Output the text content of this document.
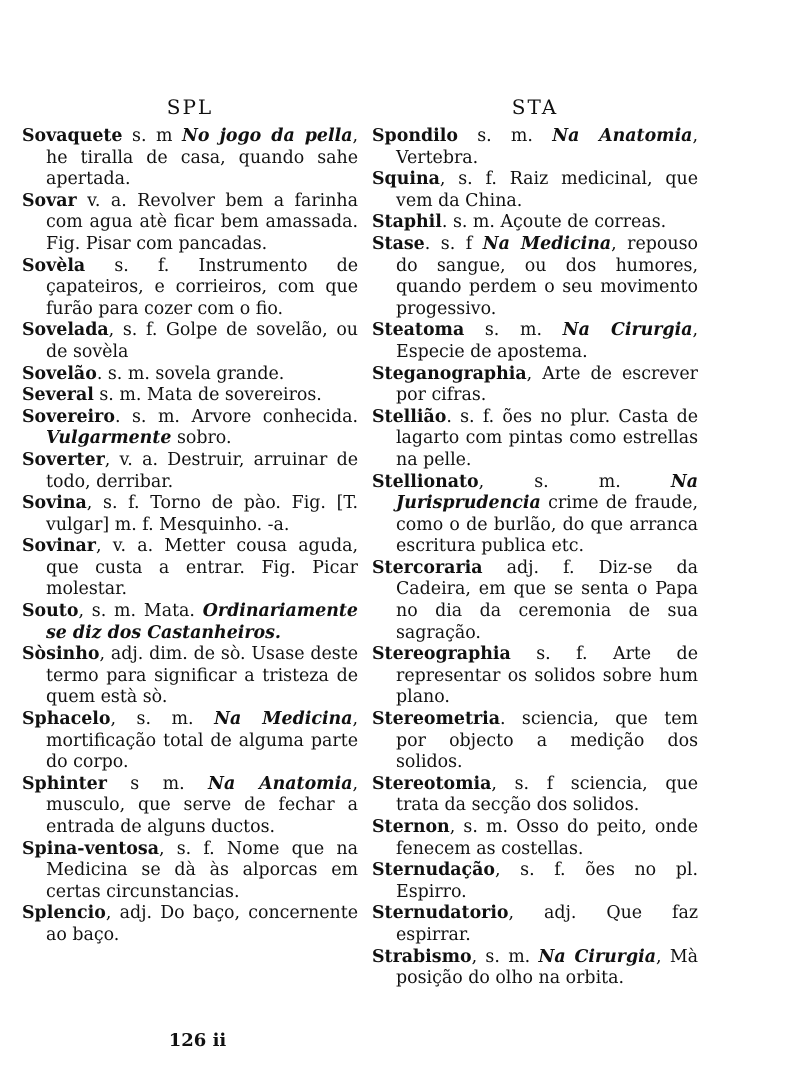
SPL
Sovaquete s. m No jogo da pella, he tiralla de casa, quando sahe apertada.
Sovar v. a. Revolver bem a farinha com agua atè ficar bem amassada. Fig. Pisar com pancadas.
Sovèla s. f. Instrumento de çapateiros, e corrieiros, com que furão para cozer com o fio.
Sovelada, s. f. Golpe de sovelão, ou de sovèla
Sovelão. s. m. sovela grande.
Several s. m. Mata de sovereiros.
Sovereiro. s. m. Arvore conhecida. Vulgarmente sobro.
Soverter, v. a. Destruir, arruinar de todo, derribar.
Sovina, s. f. Torno de pào. Fig. [T. vulgar] m. f. Mesquinho. -a.
Sovinar, v. a. Metter cousa aguda, que custa a entrar. Fig. Picar molestar.
Souto, s. m. Mata. Ordinariamente se diz dos Castanheiros.
Sòsinho, adj. dim. de sò. Usase deste termo para significar a tristeza de quem està sò.
Sphacelo, s. m. Na Medicina, mortificação total de alguma parte do corpo.
Sphinter s m. Na Anatomia, musculo, que serve de fechar a entrada de alguns ductos.
Spina-ventosa, s. f. Nome que na Medicina se dà às alporcas em certas circunstancias.
Splencio, adj. Do baço, concernente ao baço.
STA
Spondilo s. m. Na Anatomia, Vertebra.
Squina, s. f. Raiz medicinal, que vem da China.
Staphil. s. m. Açoute de correas.
Stase. s. f Na Medicina, repouso do sangue, ou dos humores, quando perdem o seu movimento progessivo.
Steatoma s. m. Na Cirurgia, Especie de apostema.
Steganographia, Arte de escrever por cifras.
Stellião. s. f. ões no plur. Casta de lagarto com pintas como estrellas na pelle.
Stellionato, s. m. Na Jurisprudencia crime de fraude, como o de burlão, do que arranca escritura publica etc.
Stercoraria adj. f. Diz-se da Cadeira, em que se senta o Papa no dia da ceremonia de sua sagração.
Stereographia s. f. Arte de representar os solidos sobre hum plano.
Stereometria. sciencia, que tem por objecto a medição dos solidos.
Stereotomia, s. f sciencia, que trata da secção dos solidos.
Sternon, s. m. Osso do peito, onde fenecem as costellas.
Sternudação, s. f. ões no pl. Espirro.
Sternudatorio, adj. Que faz espirrar.
Strabismo, s. m. Na Cirurgia, Mà posição do olho na orbita.
126 ii
